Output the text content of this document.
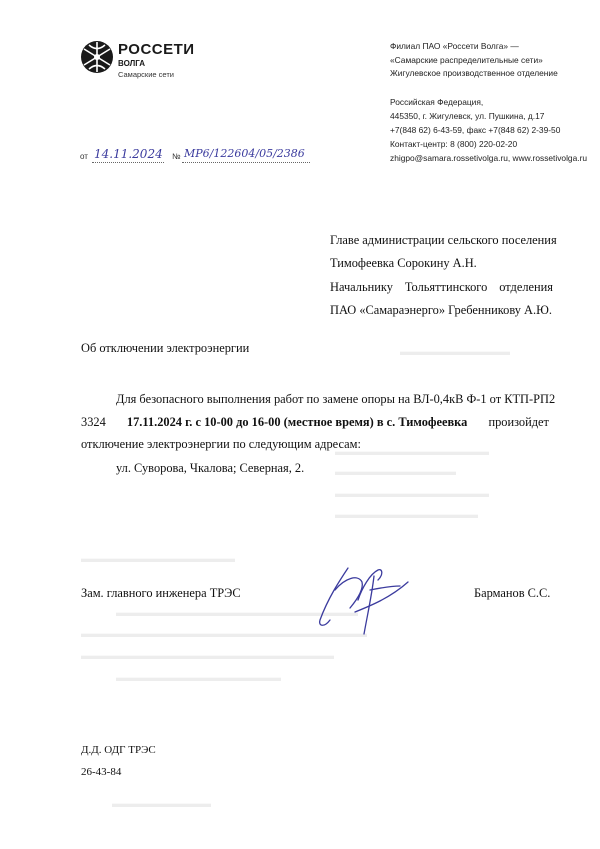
РОССЕТИ
ВОЛГА
Самарские сети
Филиал ПАО «Россети Волга» —
«Самарские распределительные сети»
Жигулевское производственное отделение
Российская Федерация,
445350, г. Жигулевск, ул. Пушкина, д.17
+7(848 62) 6-43-59, факс +7(848 62) 2-39-50
Контакт-центр: 8 (800) 220-02-20
zhigpo@samara.rossetivolga.ru, www.rossetivolga.ru
от 14.11.2024 № МР6/122604/05/2386
Главе администрации сельского поселения
Тимофеевка Сорокину А.Н.
Начальнику Тольяттинского отделения
ПАО «Самараэнерго» Гребенникову А.Ю.
Об отключении электроэнергии
Для безопасного выполнения работ по замене опоры на ВЛ-0,4кВ Ф-1 от КТП-РП2
3324 17.11.2024 г. с 10-00 до 16-00 (местное время) в с. Тимофеевка произойдет
отключение электроэнергии по следующим адресам:
ул. Суворова, Чкалова; Северная, 2.
▬▬▬▬▬▬▬▬▬▬▬▬▬▬
▬▬▬▬▬▬▬▬▬▬▬
▬▬▬▬▬▬▬▬▬▬▬▬▬▬
▬▬▬▬▬▬▬▬▬▬▬▬▬
▬▬▬▬▬▬▬▬▬▬▬▬▬▬
▬▬▬▬▬▬▬▬▬▬▬▬▬▬▬▬▬▬▬▬▬▬
▬▬▬▬▬▬▬▬▬▬▬▬▬▬▬▬▬▬▬▬▬▬▬▬▬▬
▬▬▬▬▬▬▬▬▬▬▬▬▬▬▬▬▬▬▬▬▬▬▬
▬▬▬▬▬▬▬▬▬▬▬▬▬▬▬
▬▬▬▬▬▬▬▬▬▬
▬▬▬▬▬▬▬▬▬
Зам. главного инженера ТРЭС	Барманов С.С.
Д.Д. ОДГ ТРЭС
26-43-84
